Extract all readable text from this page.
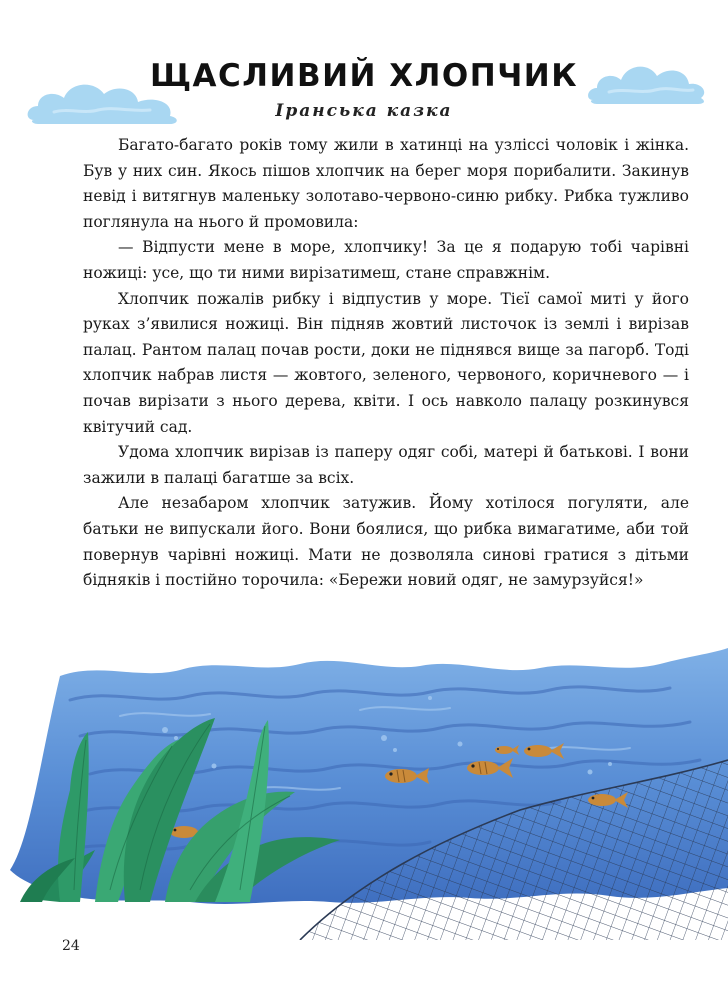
ЩАСЛИВИЙ ХЛОПЧИК
Іранська казка

Багато-багато років тому жили в хатинці на узліссі чоловік і жінка. Був у них син. Якось пішов хлопчик на берег моря порибалити. Закинув невід і витягнув маленьку золотаво-червоно-синю рибку. Рибка тужливо поглянула на нього й промовила:

— Відпусти мене в море, хлопчику! За це я подарую тобі чарівні ножиці: усе, що ти ними вирізатимеш, стане справжнім.

Хлопчик пожалів рибку і відпустив у море. Тієї самої миті у його руках з’явилися ножиці. Він підняв жовтий листочок із землі і вирізав палац. Рантом палац почав рости, доки не піднявся вище за пагорб. Тоді хлопчик набрав листя — жовтого, зеленого, червоного, коричневого — і почав вирізати з нього дерева, квіти. І ось навколо палацу розкинувся квітучий сад.

Удома хлопчик вирізав із паперу одяг собі, матері й батькові. І вони зажили в палаці багатше за всіх.

Але незабаром хлопчик затужив. Йому хотілося погуляти, але батьки не випускали його. Вони боялися, що рибка вимагатиме, аби той повернув чарівні ножиці. Мати не дозволяла синові гратися з дітьми бідняків і постійно торочила: «Бережи новий одяг, не замурзуйся!»

24
